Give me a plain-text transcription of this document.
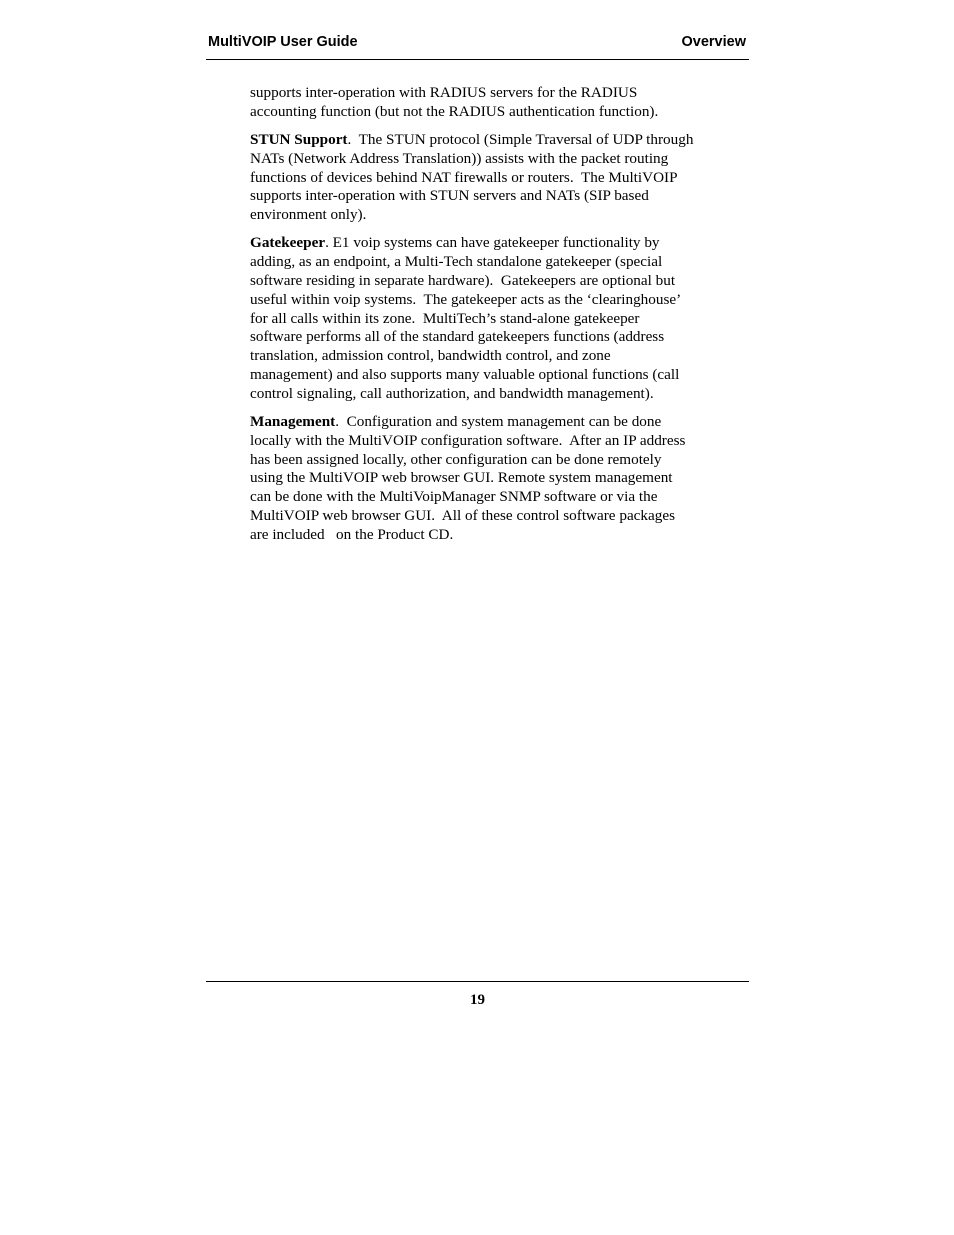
MultiVOIP User Guide	Overview

supports inter-operation with RADIUS servers for the RADIUS
accounting function (but not the RADIUS authentication function).

STUN Support.  The STUN protocol (Simple Traversal of UDP through
NATs (Network Address Translation)) assists with the packet routing
functions of devices behind NAT firewalls or routers.  The MultiVOIP
supports inter-operation with STUN servers and NATs (SIP based
environment only).

Gatekeeper. E1 voip systems can have gatekeeper functionality by
adding, as an endpoint, a Multi-Tech standalone gatekeeper (special
software residing in separate hardware).  Gatekeepers are optional but
useful within voip systems.  The gatekeeper acts as the ‘clearinghouse’
for all calls within its zone.  MultiTech’s stand-alone gatekeeper
software performs all of the standard gatekeepers functions (address
translation, admission control, bandwidth control, and zone
management) and also supports many valuable optional functions (call
control signaling, call authorization, and bandwidth management).

Management.  Configuration and system management can be done
locally with the MultiVOIP configuration software.  After an IP address
has been assigned locally, other configuration can be done remotely
using the MultiVOIP web browser GUI. Remote system management
can be done with the MultiVoipManager SNMP software or via the
MultiVOIP web browser GUI.  All of these control software packages
are included   on the Product CD.

19
